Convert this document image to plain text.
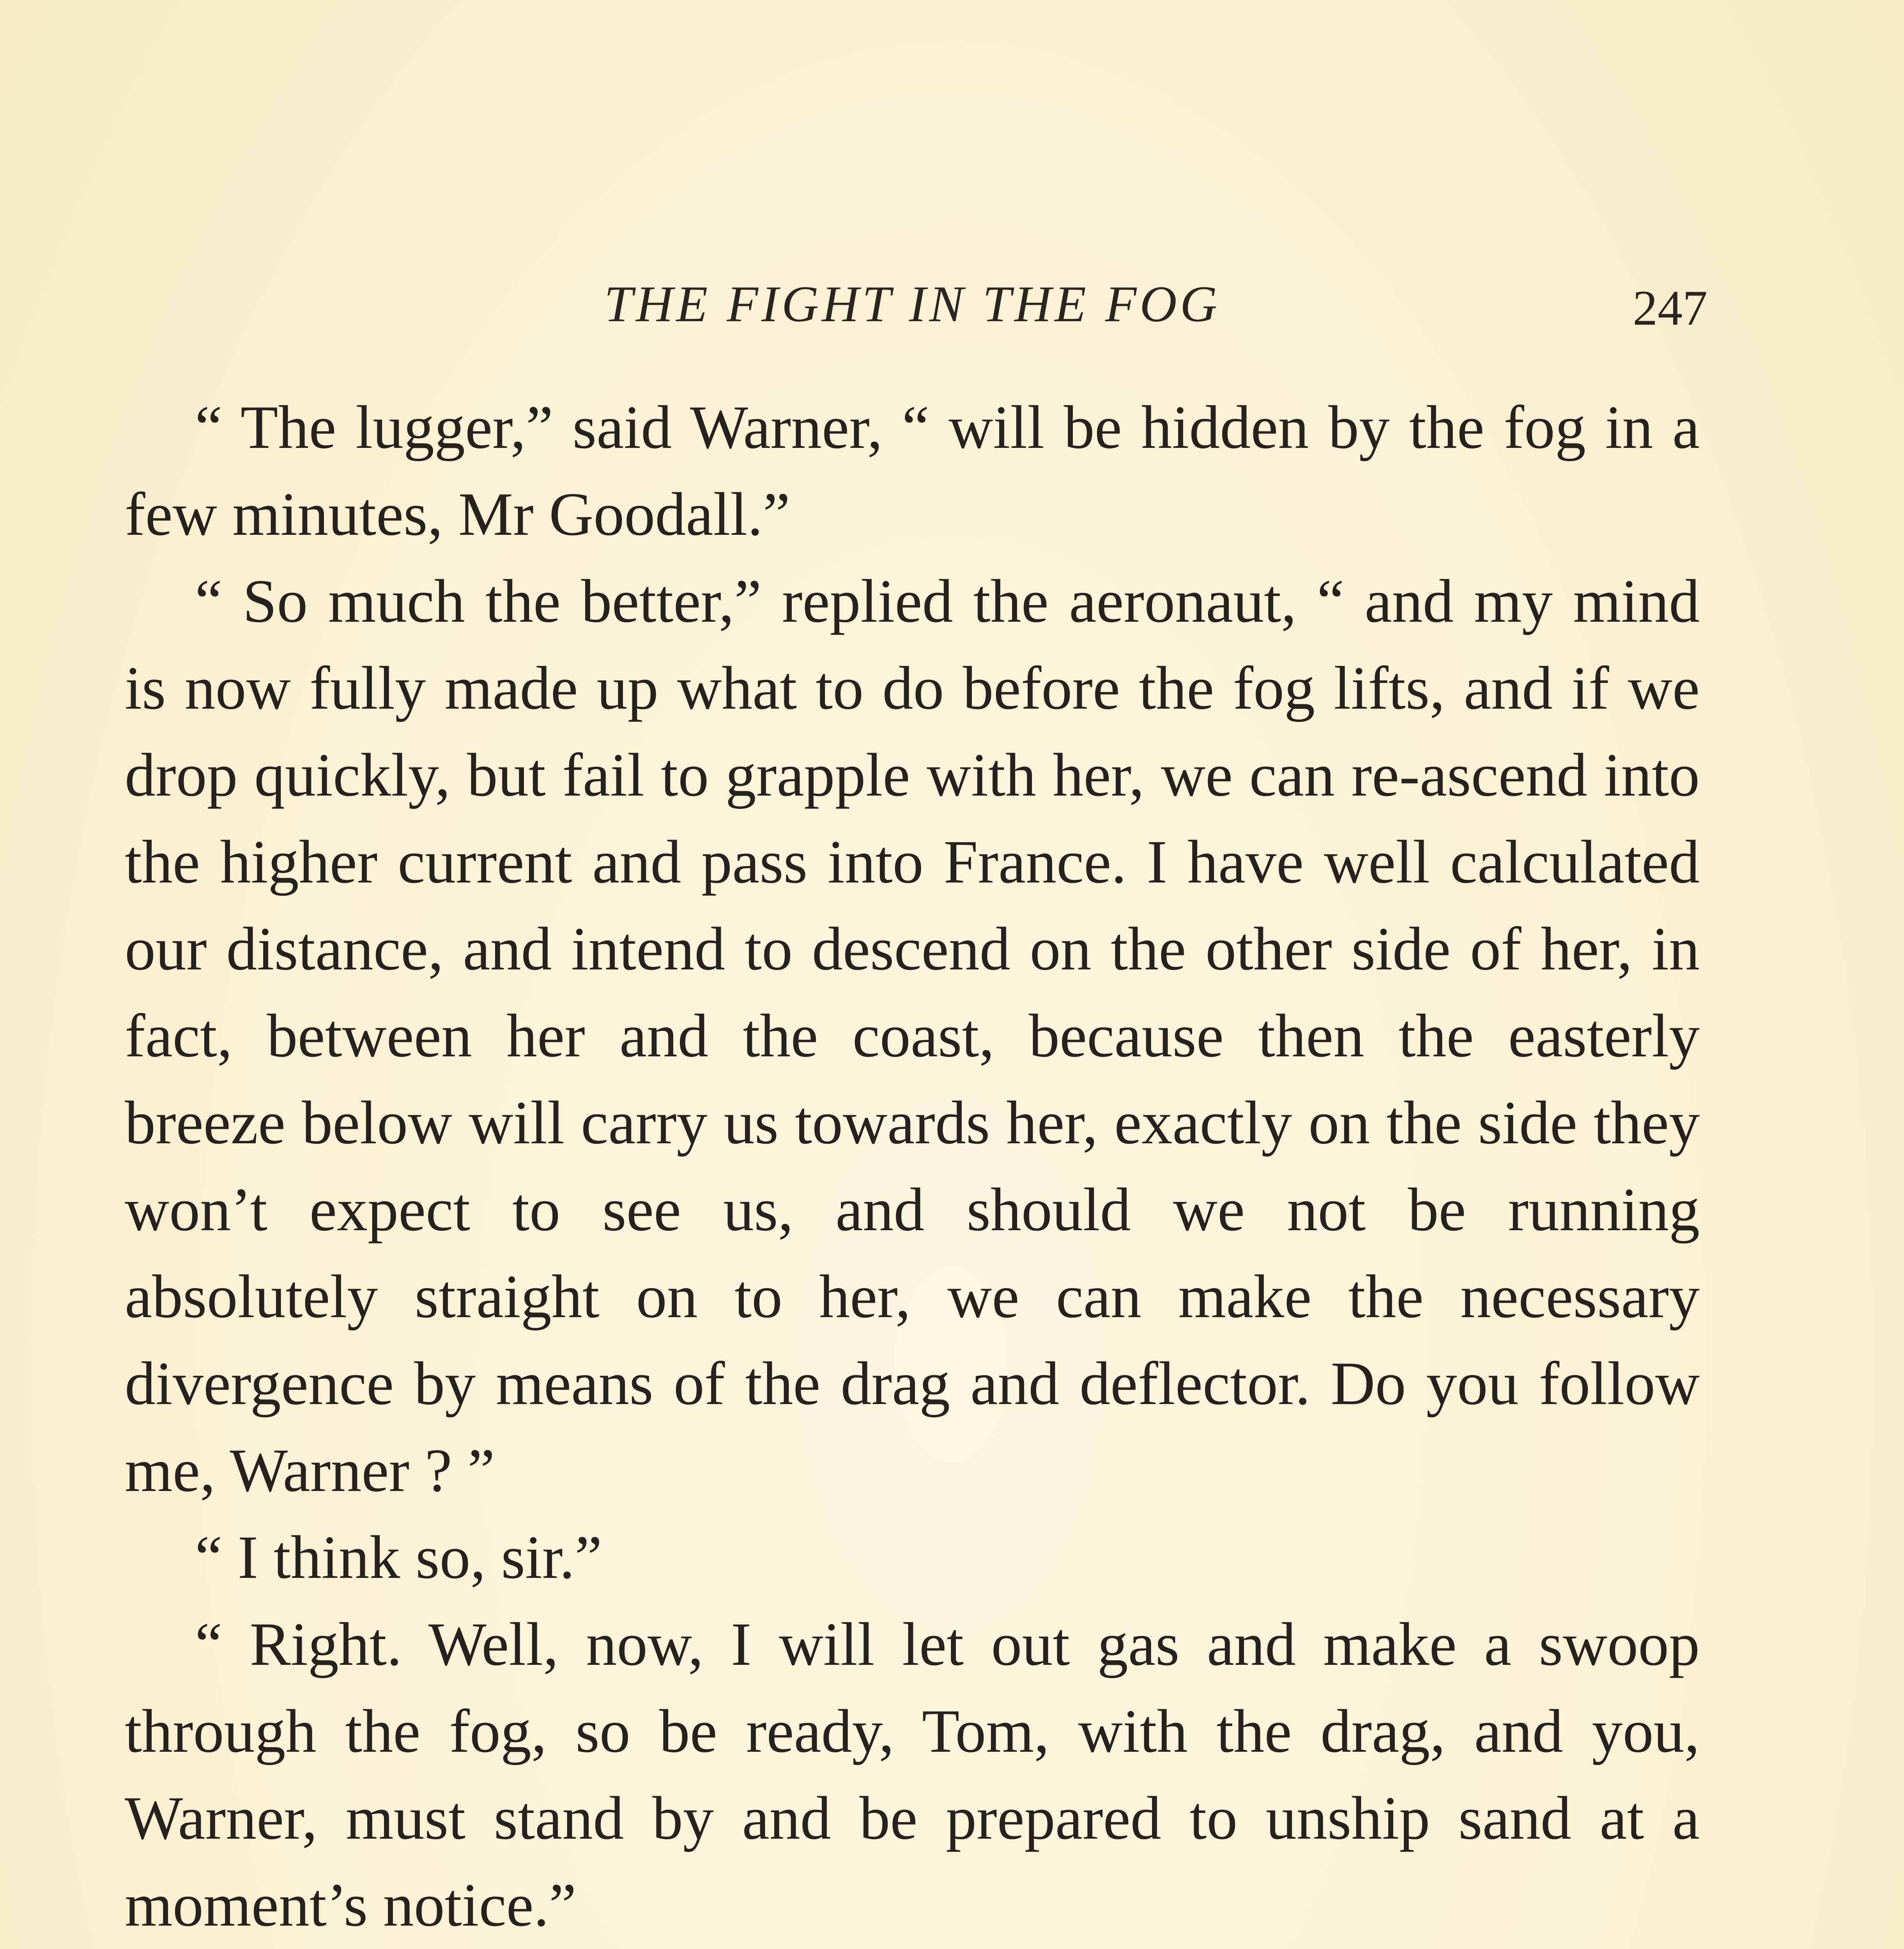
THE FIGHT IN THE FOG	247

“ The lugger,” said Warner, “ will be hidden by the fog in a few minutes, Mr Goodall.”

“ So much the better,” replied the aeronaut, “ and my mind is now fully made up what to do before the fog lifts, and if we drop quickly, but fail to grapple with her, we can re-ascend into the higher current and pass into France. I have well calculated our distance, and intend to descend on the other side of her, in fact, between her and the coast, because then the easterly breeze below will carry us towards her, exactly on the side they won’t expect to see us, and should we not be running absolutely straight on to her, we can make the necessary divergence by means of the drag and deflector. Do you follow me, Warner ? ”

“ I think so, sir.”

“ Right. Well, now, I will let out gas and make a swoop through the fog, so be ready, Tom, with the drag, and you, Warner, must stand by and be prepared to unship sand at a moment’s notice.”
